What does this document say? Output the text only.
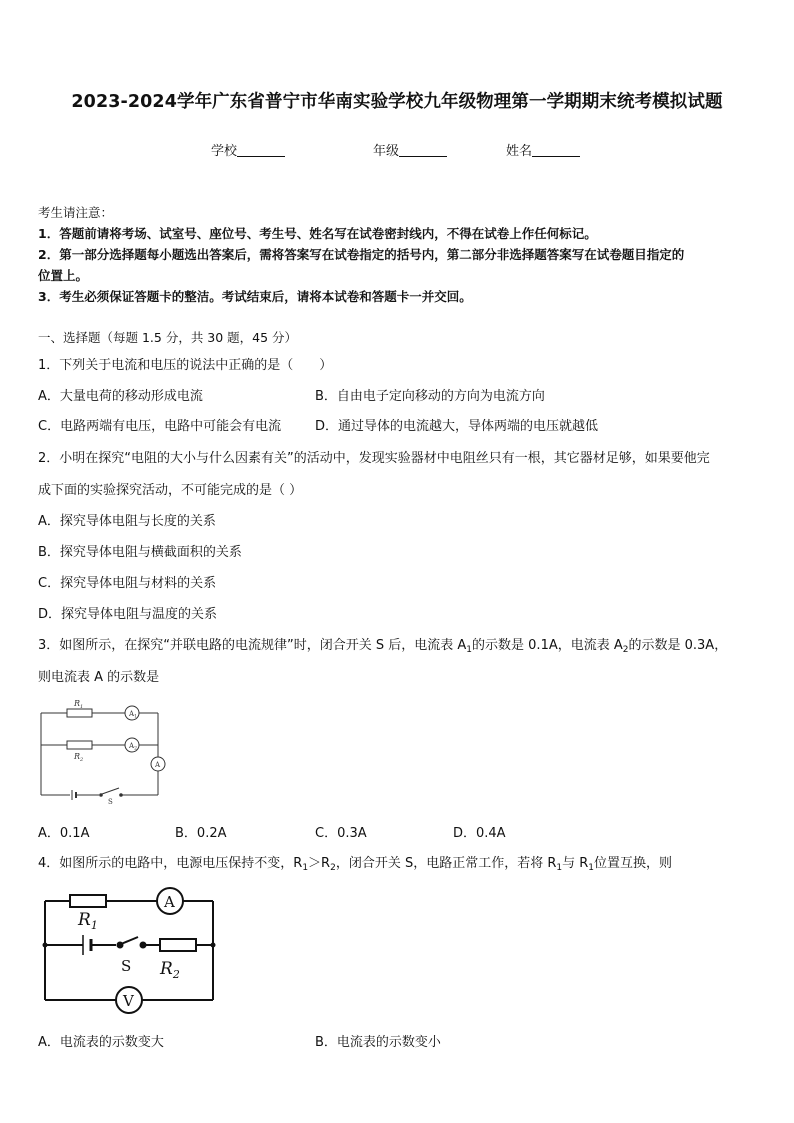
2023-2024学年广东省普宁市华南实验学校九年级物理第一学期期末统考模拟试题
学校	年级	姓名
考生请注意：
1．答题前请将考场、试室号、座位号、考生号、姓名写在试卷密封线内，不得在试卷上作任何标记。
2．第一部分选择题每小题选出答案后，需将答案写在试卷指定的括号内，第二部分非选择题答案写在试卷题目指定的
位置上。
3．考生必须保证答题卡的整洁。考试结束后，请将本试卷和答题卡一并交回。
一、选择题（每题 1.5 分，共 30 题，45 分）
1．下列关于电流和电压的说法中正确的是（　　）
A．大量电荷的移动形成电流	B．自由电子定向移动的方向为电流方向
C．电路两端有电压，电路中可能会有电流	D．通过导体的电流越大，导体两端的电压就越低
2．小明在探究“电阻的大小与什么因素有关”的活动中，发现实验器材中电阻丝只有一根，其它器材足够，如果要他完
成下面的实验探究活动，不可能完成的是（ ）
A．探究导体电阻与长度的关系
B．探究导体电阻与横截面积的关系
C．探究导体电阻与材料的关系
D．探究导体电阻与温度的关系
3．如图所示，在探究“并联电路的电流规律”时，闭合开关 S 后，电流表 $A_1$的示数是 0.1A，电流表 $A_2$的示数是 0.3A，
则电流表 A 的示数是
$R_1$
$R_2$
$A_1$
$A_2$
A
S
A．0.1A	B．0.2A	C．0.3A	D．0.4A
4．如图所示的电路中，电源电压保持不变，$R_1>R_2$，闭合开关 S，电路正常工作，若将 $R_1$与 $R_1$位置互换，则
$R_1$
$R_2$
A
V
S
A．电流表的示数变大	B．电流表的示数变小
